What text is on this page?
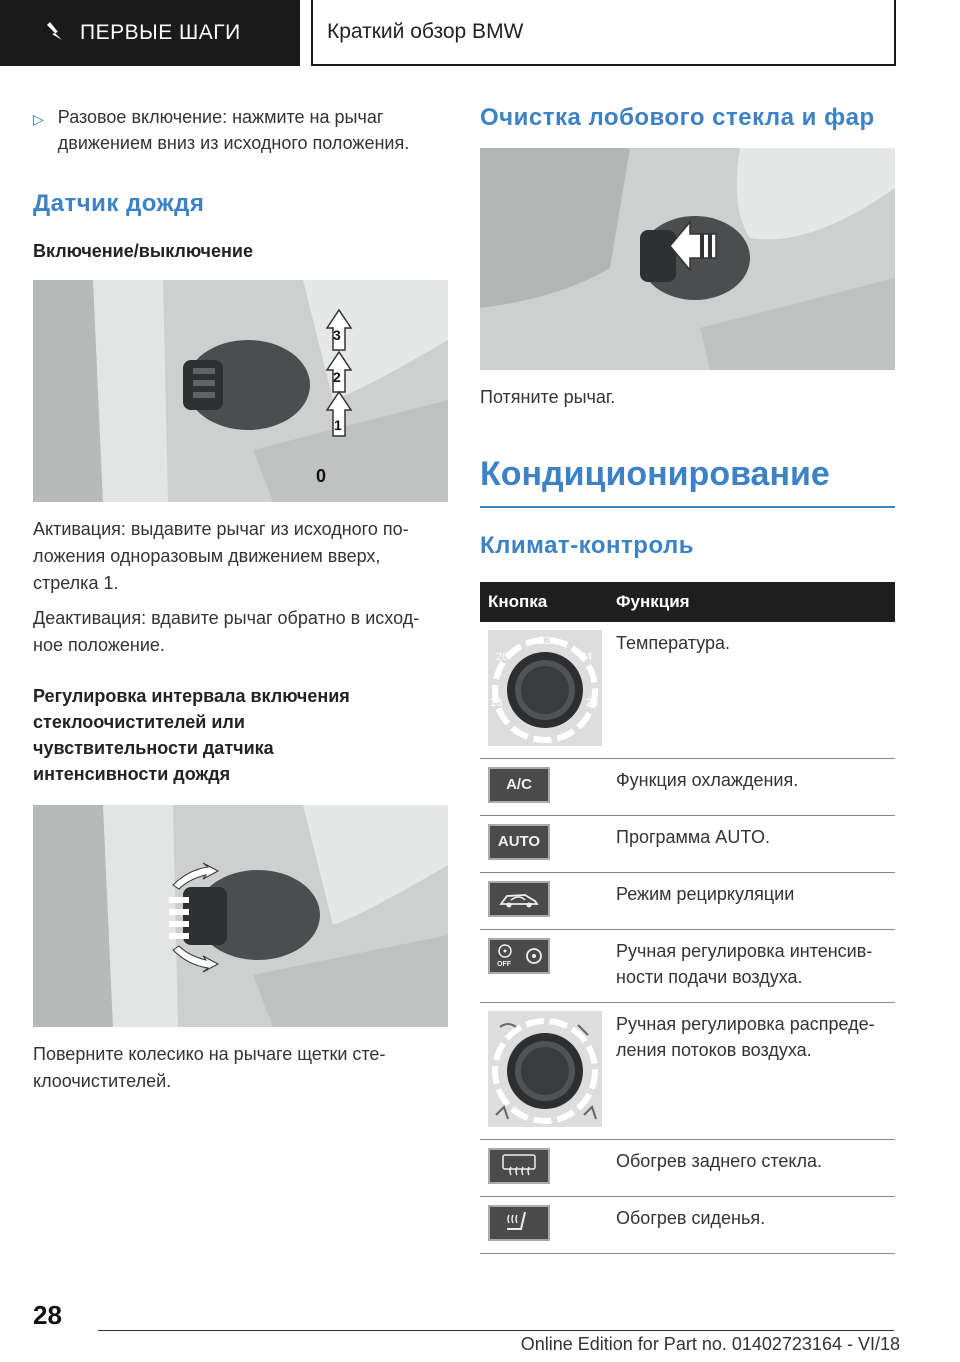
ПЕРВЫЕ ШАГИ	Краткий обзор BMW
▷ Разовое включение: нажмите на рычаг движением вниз из исходного положения.
Датчик дождя
Включение/выключение
3
2
1
0

Активация: выдавите рычаг из исходного по-ложения одноразовым движением вверх, стрелка 1.

Деактивация: вдавите рычаг обратно в исход-ное положение.

Регулировка интервала включения стеклоочистителей или чувствительности датчика интенсивности дождя

Поверните колесико на рычаге щетки сте-клоочистителей.

Очистка лобового стекла и фар

Потяните рычаг.

Кондиционирование
Климат-контроль
Кнопка	Функция

22
20 24
18 26	Температура.

A/C	Функция охлаждения.

AUTO	Программа AUTO.

	Режим рециркуляции

OFF	Ручная регулировка интенсив-ности подачи воздуха.

	Ручная регулировка распреде-ления потоков воздуха.

	Обогрев заднего стекла.

	Обогрев сиденья.
28
Online Edition for Part no. 01402723164 - VI/18
